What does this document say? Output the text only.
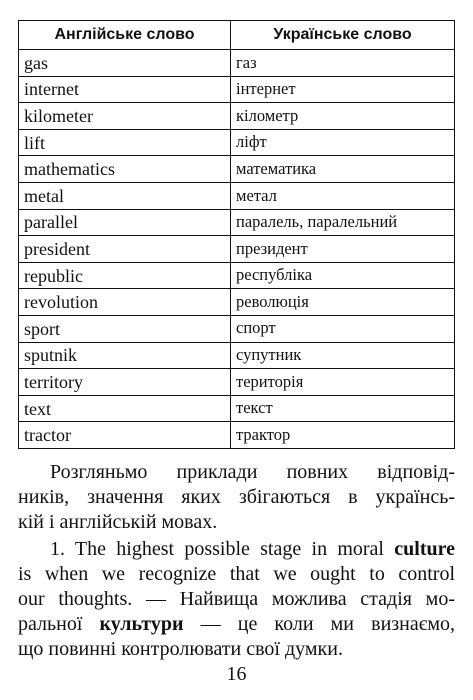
Англійське слово	Українське слово
gas	газ
internet	інтернет
kilometer	кілометр
lift	ліфт
mathematics	математика
metal	метал
parallel	паралель, паралельний
president	президент
republic	республіка
revolution	революція
sport	спорт
sputnik	супутник
territory	територія
text	текст
tractor	трактор
Розгляньмо приклади повних відповід-
ників, значення яких збігаються в українсь-
кій і англійській мовах.
1. The highest possible stage in moral culture
is when we recognize that we ought to control
our thoughts. — Найвища можлива стадія мо-
ральної культури — це коли ми визнаємо,
що повинні контролювати свої думки.
16
